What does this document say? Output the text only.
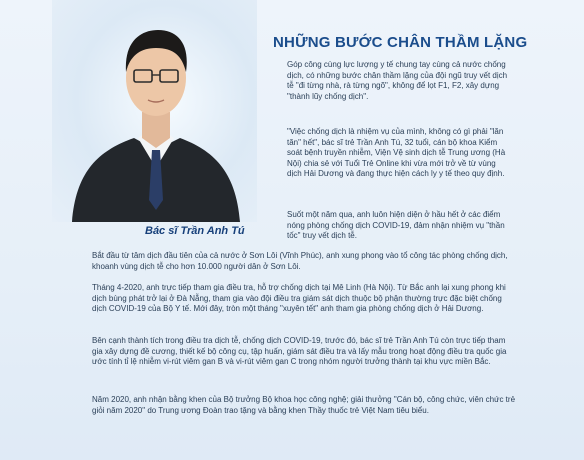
Bác sĩ Trần Anh Tú
NHỮNG BƯỚC CHÂN THẦM LẶNG

Góp công cùng lực lượng y tế chung tay cùng cả nước chống dịch, có những bước chân thầm lặng của đội ngũ truy vết dịch tễ "đi từng nhà, rà từng ngõ", không để lọt F1, F2, xây dựng "thành lũy chống dịch".

"Việc chống dịch là nhiệm vụ của mình, không có gì phải "lăn tăn" hết", bác sĩ trẻ Trần Anh Tú, 32 tuổi, cán bộ khoa Kiểm soát bệnh truyền nhiễm, Viện Vệ sinh dịch tễ Trung ương (Hà Nội) chia sẻ với Tuổi Trẻ Online khi vừa mới trở về từ vùng dịch Hải Dương và đang thực hiện cách ly y tế theo quy định.

Suốt một năm qua, anh luôn hiện diện ở hầu hết ở các điểm nóng phòng chống dịch COVID-19, đảm nhận nhiệm vụ "thần tốc" truy vết dịch tễ.

Bắt đầu từ tâm dịch đầu tiên của cả nước ở Sơn Lôi (Vĩnh Phúc), anh xung phong vào tổ công tác phòng chống dịch, khoanh vùng dịch tễ cho hơn 10.000 người dân ở Sơn Lôi.

Tháng 4-2020, anh trực tiếp tham gia điều tra, hỗ trợ chống dịch tại Mê Linh (Hà Nội). Từ Bắc anh lại xung phong khi dịch bùng phát trở lại ở Đà Nẵng, tham gia vào đội điều tra giám sát dịch thuộc bộ phận thường trực đặc biệt chống dịch COVID-19 của Bộ Y tế. Mới đây, tròn một tháng "xuyên tết" anh tham gia phòng chống dịch ở Hải Dương.

Bên cạnh thành tích trong điều tra dịch tễ, chống dịch COVID-19, trước đó, bác sĩ trẻ Trần Anh Tú còn trực tiếp tham gia xây dựng đề cương, thiết kế bộ công cụ, tập huấn, giám sát điều tra và lấy mẫu trong hoạt động điều tra quốc gia ước tính tỉ lệ nhiễm vi-rút viêm gan B và vi-rút viêm gan C trong nhóm người trưởng thành tại khu vực miền Bắc.

Năm 2020, anh nhận bằng khen của Bộ trưởng Bộ khoa học công nghệ; giải thưởng "Cán bộ, công chức, viên chức trẻ giỏi năm 2020" do Trung ương Đoàn trao tặng và bằng khen Thầy thuốc trẻ Việt Nam tiêu biểu.
